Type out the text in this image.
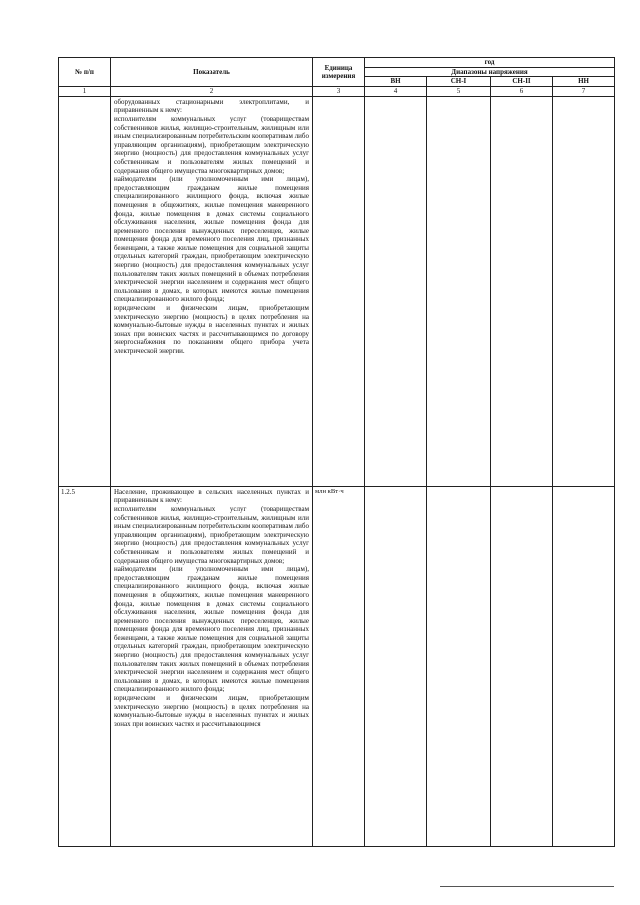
№ п/п	Показатель	Единица измерения	год			
			Диапазоны напряжения			
			ВН	СН-I	СН-II	НН
1	2	3	4	5	6	7

	оборудованных стационарными электроплитами, и приравненным к нему:

исполнителям коммунальных услуг (товариществам собственников жилья, жилищно-строительным, жилищным или иным специализированным потребительским кооперативам либо управляющим организациям), приобретающим электрическую энергию (мощность) для предоставления коммунальных услуг собственникам и пользователям жилых помещений и содержания общего имущества многоквартирных домов;

наймодателям (или уполномоченным ими лицам), предоставляющим гражданам жилые помещения специализированного жилищного фонда, включая жилые помещения в общежитиях, жилые помещения маневренного фонда, жилые помещения в домах системы социального обслуживания населения, жилые помещения фонда для временного поселения вынужденных переселенцев, жилые помещения фонда для временного поселения лиц, признанных беженцами, а также жилые помещения для социальной защиты отдельных категорий граждан, приобретающим электрическую энергию (мощность) для предоставления коммунальных услуг пользователям таких жилых помещений в объемах потребления электрической энергии населением и содержания мест общего пользования в домах, в которых имеются жилые помещения специализированного жилого фонда;

юридическим и физическим лицам, приобретающим электрическую энергию (мощность) в целях потребления на коммунально-бытовые нужды в населенных пунктах и жилых зонах при воинских частях и рассчитывающимся по договору энергоснабжения по показаниям общего прибора учета электрической энергии.					

1.2.5	Население, проживающее в сельских населенных пунктах и приравненным к нему:

исполнителям коммунальных услуг (товариществам собственников жилья, жилищно-строительным, жилищным или иным специализированным потребительским кооперативам либо управляющим организациям), приобретающим электрическую энергию (мощность) для предоставления коммунальных услуг собственникам и пользователям жилых помещений и содержания общего имущества многоквартирных домов;

наймодателям (или уполномоченным ими лицам), предоставляющим гражданам жилые помещения специализированного жилищного фонда, включая жилые помещения в общежитиях, жилые помещения маневренного фонда, жилые помещения в домах системы социального обслуживания населения, жилые помещения фонда для временного поселения вынужденных переселенцев, жилые помещения фонда для временного поселения лиц, признанных беженцами, а также жилые помещения для социальной защиты отдельных категорий граждан, приобретающим электрическую энергию (мощность) для предоставления коммунальных услуг пользователям таких жилых помещений в объемах потребления электрической энергии населением и содержания мест общего пользования в домах, в которых имеются жилые помещения специализированного жилого фонда;

юридическим и физическим лицам, приобретающим электрическую энергию (мощность) в целях потребления на коммунально-бытовые нужды в населенных пунктах и жилых зонах при воинских частях и рассчитывающимся	млн кВт·ч				
